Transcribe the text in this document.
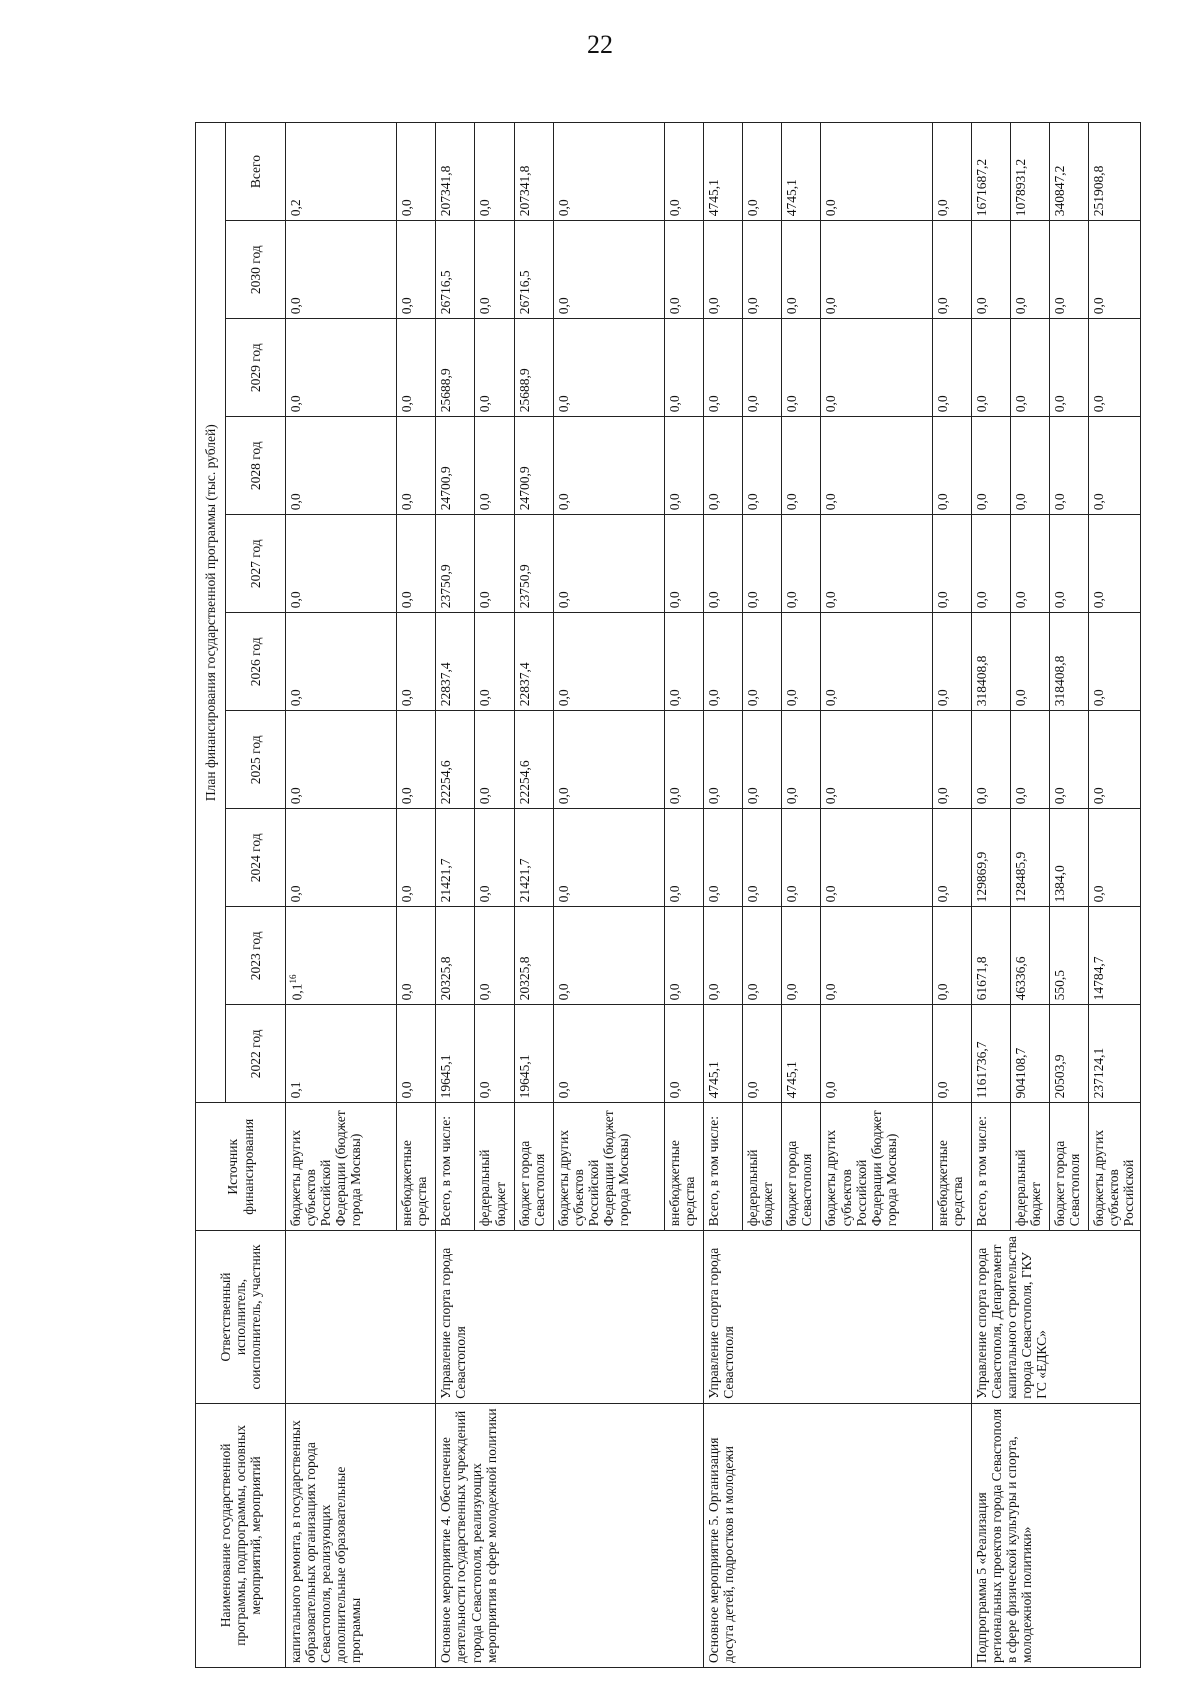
22
Наименование государственной программы, подпрограммы, основных мероприятий, мероприятий	Ответственный исполнитель, соисполнитель, участник	Источник финансирования	План финансирования государственной программы (тыс. рублей)									
			2022 год	2023 год	2024 год	2025 год	2026 год	2027 год	2028 год	2029 год	2030 год	Всего
капитального ремонта, в государственных образовательных организациях города Севастополя, реализующих дополнительные образовательные программы		бюджеты других субъектов Российской Федерации (бюджет города Москвы)	0,1	$0,1^{16}$	0,0	0,0	0,0	0,0	0,0	0,0	0,0	0,2
		внебюджетные средства	0,0	0,0	0,0	0,0	0,0	0,0	0,0	0,0	0,0	0,0
Основное мероприятие 4. Обеспечение деятельности государственных учреждений города Севастополя, реализующих мероприятия в сфере молодежной политики	Управление спорта города Севастополя	Всего, в том числе:	19645,1	20325,8	21421,7	22254,6	22837,4	23750,9	24700,9	25688,9	26716,5	207341,8
		федеральный бюджет	0,0	0,0	0,0	0,0	0,0	0,0	0,0	0,0	0,0	0,0
		бюджет города Севастополя	19645,1	20325,8	21421,7	22254,6	22837,4	23750,9	24700,9	25688,9	26716,5	207341,8
		бюджеты других субъектов Российской Федерации (бюджет города Москвы)	0,0	0,0	0,0	0,0	0,0	0,0	0,0	0,0	0,0	0,0
		внебюджетные средства	0,0	0,0	0,0	0,0	0,0	0,0	0,0	0,0	0,0	0,0
Основное мероприятие 5. Организация досуга детей, подростков и молодежи	Управление спорта города Севастополя	Всего, в том числе:	4745,1	0,0	0,0	0,0	0,0	0,0	0,0	0,0	0,0	4745,1
		федеральный бюджет	0,0	0,0	0,0	0,0	0,0	0,0	0,0	0,0	0,0	0,0
		бюджет города Севастополя	4745,1	0,0	0,0	0,0	0,0	0,0	0,0	0,0	0,0	4745,1
		бюджеты других субъектов Российской Федерации (бюджет города Москвы)	0,0	0,0	0,0	0,0	0,0	0,0	0,0	0,0	0,0	0,0
		внебюджетные средства	0,0	0,0	0,0	0,0	0,0	0,0	0,0	0,0	0,0	0,0
Подпрограмма 5 «Реализация региональных проектов города Севастополя в сфере физической культуры и спорта, молодежной политики»	Управление спорта города Севастополя, Департамент капитального строительства города Севастополя, ГКУ ГС «ЕДКС»	Всего, в том числе:	1161736,7	61671,8	129869,9	0,0	318408,8	0,0	0,0	0,0	0,0	1671687,2
		федеральный бюджет	904108,7	46336,6	128485,9	0,0	0,0	0,0	0,0	0,0	0,0	1078931,2
		бюджет города Севастополя	20503,9	550,5	1384,0	0,0	318408,8	0,0	0,0	0,0	0,0	340847,2
		бюджеты других субъектов Российской	237124,1	14784,7	0,0	0,0	0,0	0,0	0,0	0,0	0,0	251908,8
